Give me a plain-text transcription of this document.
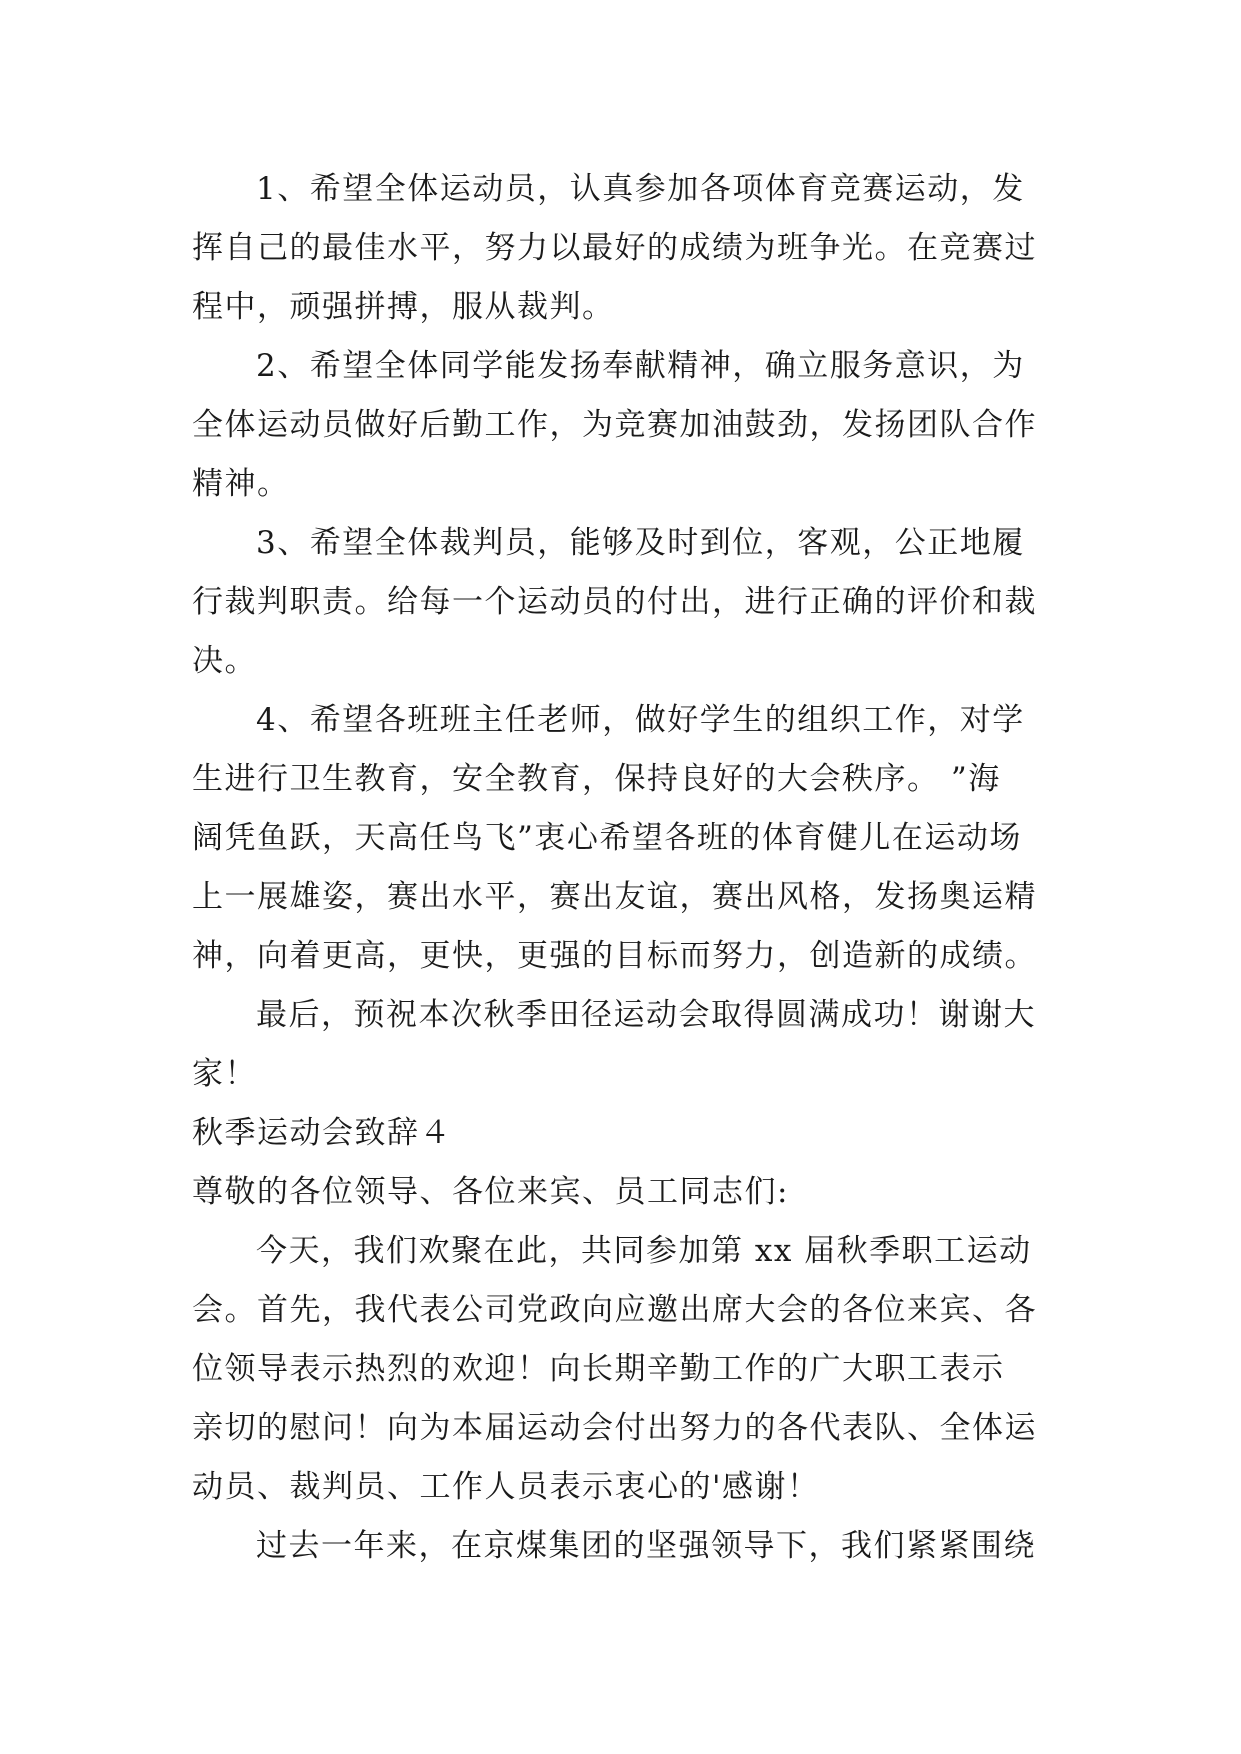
1、希望全体运动员，认真参加各项体育竞赛运动，发
挥自己的最佳水平，努力以最好的成绩为班争光。在竞赛过
程中，顽强拼搏，服从裁判。
2、希望全体同学能发扬奉献精神，确立服务意识，为
全体运动员做好后勤工作，为竞赛加油鼓劲，发扬团队合作
精神。
3、希望全体裁判员，能够及时到位，客观，公正地履
行裁判职责。给每一个运动员的付出，进行正确的评价和裁
决。
4、希望各班班主任老师，做好学生的组织工作，对学
生进行卫生教育，安全教育，保持良好的大会秩序。 ”海
阔凭鱼跃，天高任鸟飞”衷心希望各班的体育健儿在运动场
上一展雄姿，赛出水平，赛出友谊，赛出风格，发扬奥运精
神，向着更高，更快，更强的目标而努力，创造新的成绩。
最后，预祝本次秋季田径运动会取得圆满成功！谢谢大
家！
秋季运动会致辞４
尊敬的各位领导、各位来宾、员工同志们:
今天，我们欢聚在此，共同参加第 xx 届秋季职工运动
会。首先，我代表公司党政向应邀出席大会的各位来宾、各
位领导表示热烈的欢迎！向长期辛勤工作的广大职工表示
亲切的慰问！向为本届运动会付出努力的各代表队、全体运
动员、裁判员、工作人员表示衷心的'感谢！
过去一年来，在京煤集团的坚强领导下，我们紧紧围绕
